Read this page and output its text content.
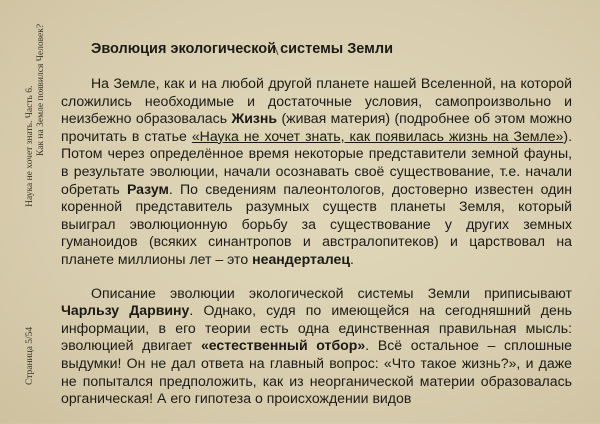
Страница 5/54Наука не хочет знать. Часть 6. Как на Земле появился Человек?	Эволюция экологической системы Земли

На Земле, как и на любой другой планете нашей Вселенной, на которой сложились необходимые и достаточные условия, самопроизвольно и неизбежно образовалась Жизнь (живая материя) (подробнее об этом можно прочитать в статье «Наука не хочет знать, как появилась жизнь на Земле»). Потом через определённое время некоторые представители земной фауны, в результате эволюции, начали осознавать своё существование, т.е. начали обретать Разум. По сведениям палеонтологов, достоверно известен один коренной представитель разумных существ планеты Земля, который выиграл эволюционную борьбу за существование у других земных гуманоидов (всяких синантропов и австралопитеков) и царствовал на планете миллионы лет – это неандерталец.

Описание эволюции экологической системы Земли приписывают Чарльзу Дарвину. Однако, судя по имеющейся на сегодняшний день информации, в его теории есть одна единственная правильная мысль: эволюцией двигает «естественный отбор». Всё остальное – сплошные выдумки! Он не дал ответа на главный вопрос: «Что такое жизнь?», и даже не попытался предположить, как из неорганической материи образовалась органическая! А его гипотеза о происхождении видов
